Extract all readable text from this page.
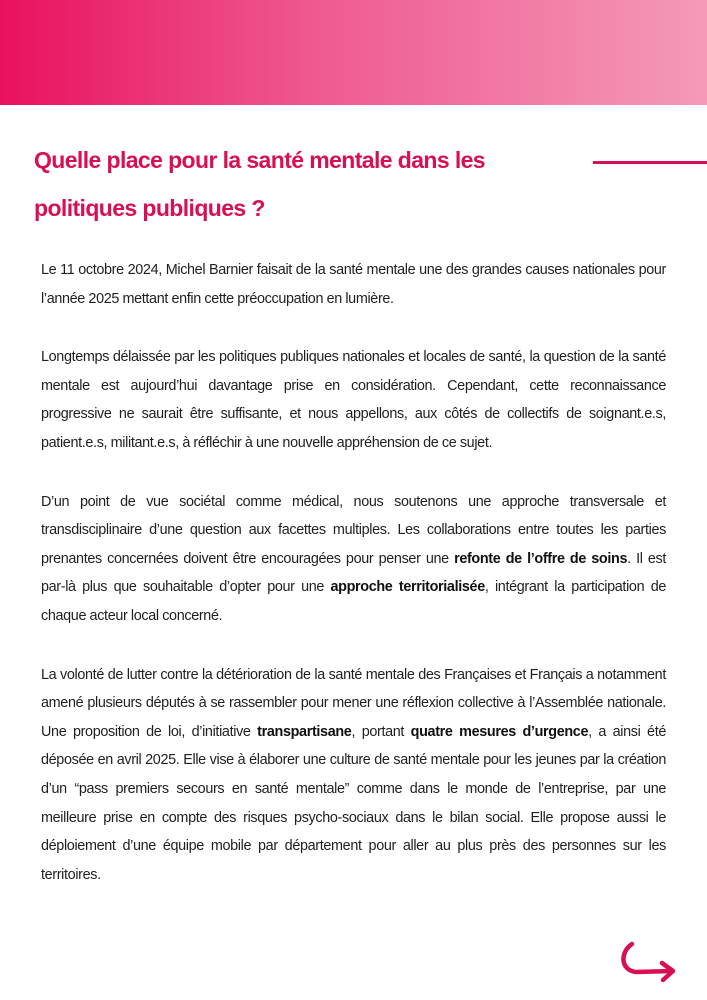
Quelle place pour la santé mentale dans les
politiques publiques ?

Le 11 octobre 2024, Michel Barnier faisait de la santé mentale une des grandes causes nationales pour l’année 2025 mettant enfin cette préoccupation en lumière.

Longtemps délaissée par les politiques publiques nationales et locales de santé, la question de la santé mentale est aujourd’hui davantage prise en considération. Cependant, cette reconnaissance progressive ne saurait être suffisante, et nous appellons, aux côtés de collectifs de soignant.e.s, patient.e.s, militant.e.s, à réfléchir à une nouvelle appréhension de ce sujet.

D’un point de vue sociétal comme médical, nous soutenons une approche transversale et transdisciplinaire d’une question aux facettes multiples. Les collaborations entre toutes les parties prenantes concernées doivent être encouragées pour penser une refonte de l’offre de soins. Il est par-là plus que souhaitable d’opter pour une approche territorialisée, intégrant la participation de chaque acteur local concerné.

La volonté de lutter contre la détérioration de la santé mentale des Françaises et Français a notamment amené plusieurs députés à se rassembler pour mener une réflexion collective à l’Assemblée nationale. Une proposition de loi, d’initiative transpartisane, portant quatre mesures d’urgence, a ainsi été déposée en avril 2025. Elle vise à élaborer une culture de santé mentale pour les jeunes par la création d’un “pass premiers secours en santé mentale” comme dans le monde de l’entreprise, par une meilleure prise en compte des risques psycho-sociaux dans le bilan social. Elle propose aussi le déploiement d’une équipe mobile par département pour aller au plus près des personnes sur les territoires.
